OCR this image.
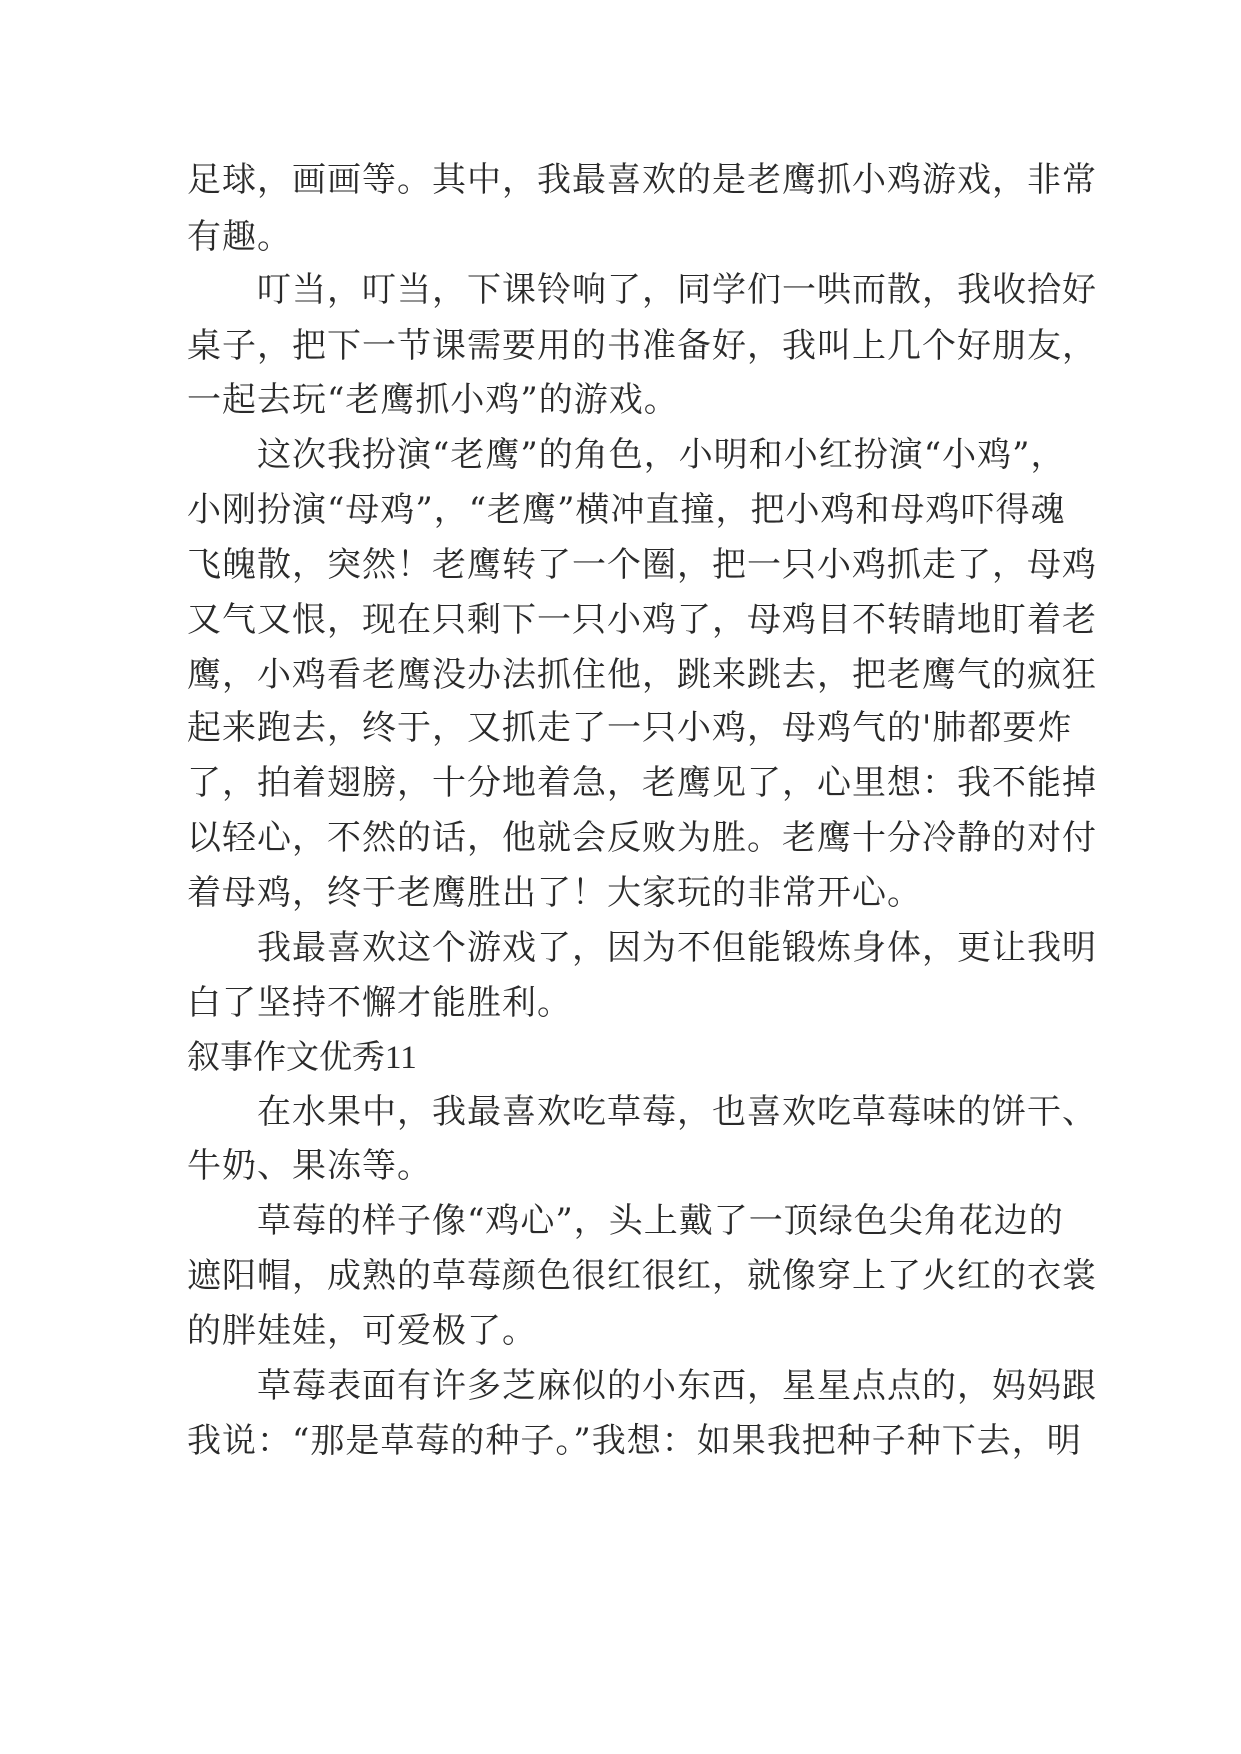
足球，画画等。其中，我最喜欢的是老鹰抓小鸡游戏，非常
有趣。
　　叮当，叮当，下课铃响了，同学们一哄而散，我收拾好
桌子，把下一节课需要用的书准备好，我叫上几个好朋友，
一起去玩“老鹰抓小鸡”的游戏。
　　这次我扮演“老鹰”的角色，小明和小红扮演“小鸡”，
小刚扮演“母鸡”，“老鹰”横冲直撞，把小鸡和母鸡吓得魂
飞魄散，突然！老鹰转了一个圈，把一只小鸡抓走了，母鸡
又气又恨，现在只剩下一只小鸡了，母鸡目不转睛地盯着老
鹰，小鸡看老鹰没办法抓住他，跳来跳去，把老鹰气的疯狂
起来跑去，终于，又抓走了一只小鸡，母鸡气的'肺都要炸
了，拍着翅膀，十分地着急，老鹰见了，心里想：我不能掉
以轻心，不然的话，他就会反败为胜。老鹰十分冷静的对付
着母鸡，终于老鹰胜出了！大家玩的非常开心。
　　我最喜欢这个游戏了，因为不但能锻炼身体，更让我明
白了坚持不懈才能胜利。
叙事作文优秀11
　　在水果中，我最喜欢吃草莓，也喜欢吃草莓味的饼干、
牛奶、果冻等。
　　草莓的样子像“鸡心”，头上戴了一顶绿色尖角花边的
遮阳帽，成熟的草莓颜色很红很红，就像穿上了火红的衣裳
的胖娃娃，可爱极了。
　　草莓表面有许多芝麻似的小东西，星星点点的，妈妈跟
我说：“那是草莓的种子。”我想：如果我把种子种下去，明
